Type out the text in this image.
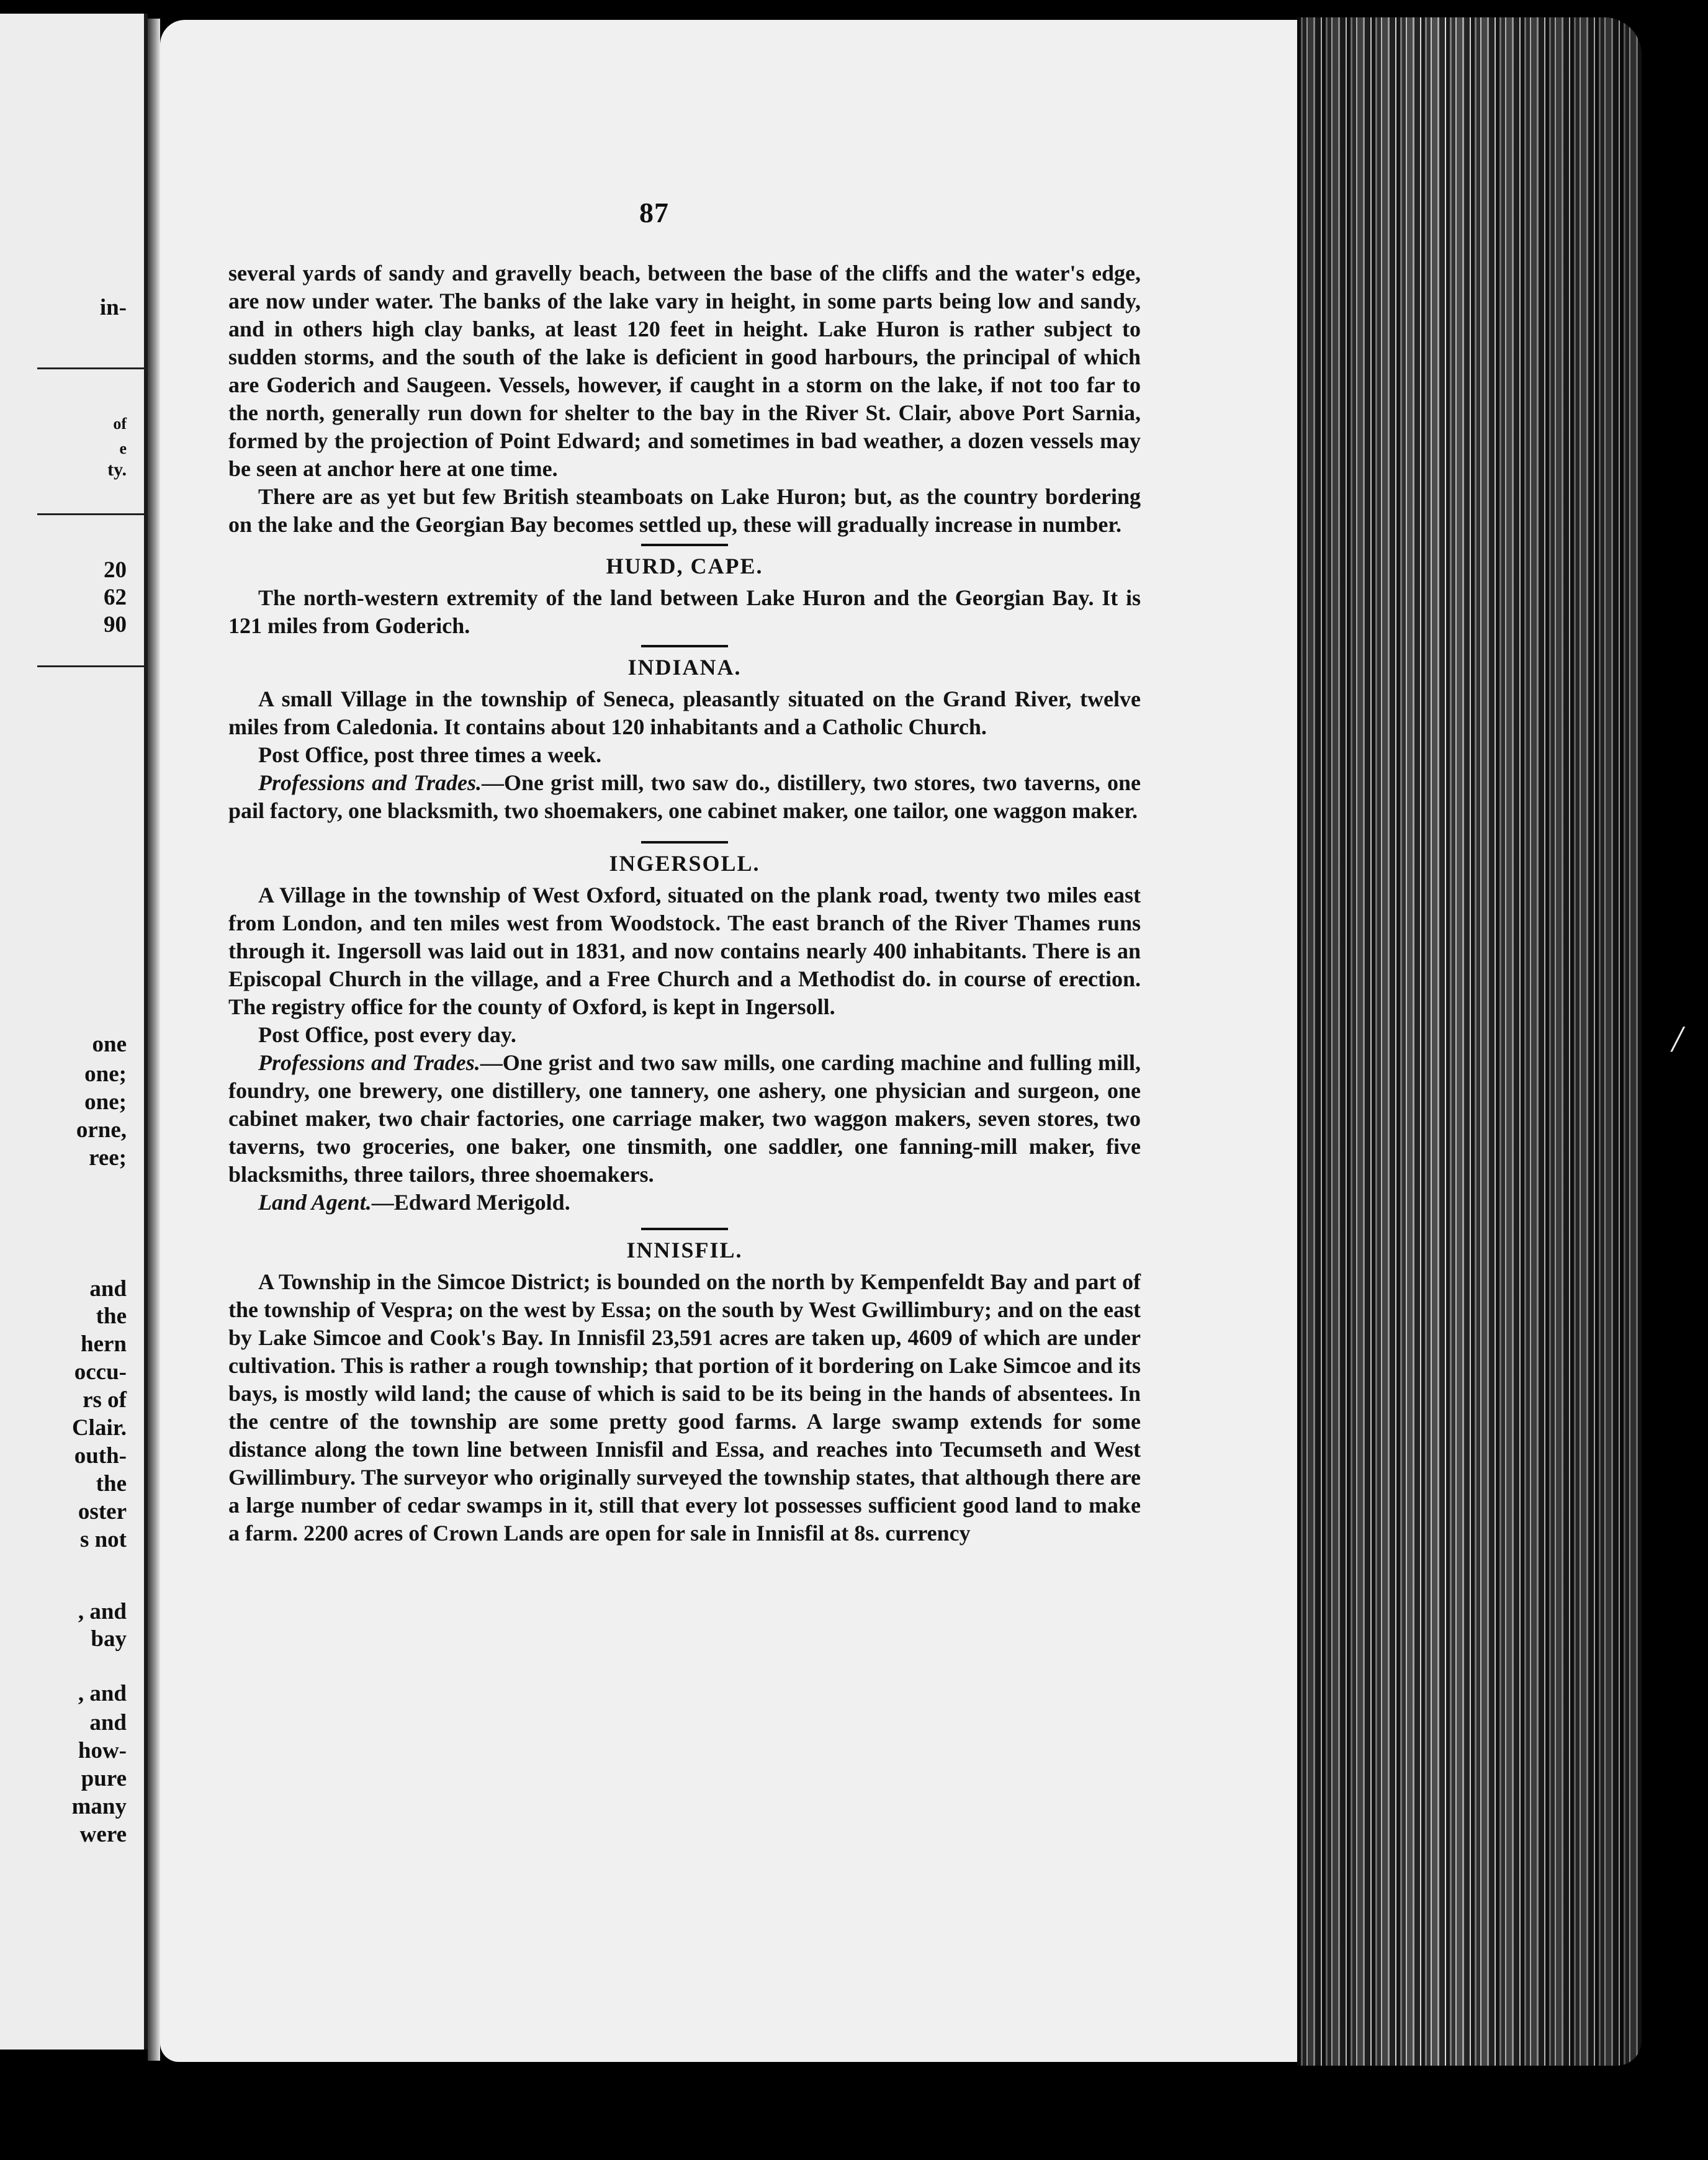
in-
of
e
ty.
20
62
90
one
one;
one;
orne,
ree;
and
the
hern
occu-
rs of
Clair.
outh-
the
oster
s not
, and
bay
, and
and
how-
pure
many
were
/
87

several yards of sandy and gravelly beach, between the base of the cliffs and the water's edge, are now under water. The banks of the lake vary in height, in some parts being low and sandy, and in others high clay banks, at least 120 feet in height. Lake Huron is rather subject to sudden storms, and the south of the lake is deficient in good harbours, the principal of which are Goderich and Saugeen. Vessels, however, if caught in a storm on the lake, if not too far to the north, generally run down for shelter to the bay in the River St. Clair, above Port Sarnia, formed by the projection of Point Edward; and sometimes in bad weather, a dozen vessels may be seen at anchor here at one time.

There are as yet but few British steamboats on Lake Huron; but, as the country bordering on the lake and the Georgian Bay becomes settled up, these will gradually increase in number.

HURD, CAPE.

The north-western extremity of the land between Lake Huron and the Georgian Bay. It is 121 miles from Goderich.

INDIANA.

A small Village in the township of Seneca, pleasantly situated on the Grand River, twelve miles from Caledonia. It contains about 120 inhabitants and a Catholic Church.

Post Office, post three times a week.

Professions and Trades.—One grist mill, two saw do., distillery, two stores, two taverns, one pail factory, one blacksmith, two shoemakers, one cabinet maker, one tailor, one waggon maker.

INGERSOLL.

A Village in the township of West Oxford, situated on the plank road, twenty two miles east from London, and ten miles west from Woodstock. The east branch of the River Thames runs through it. Ingersoll was laid out in 1831, and now contains nearly 400 inhabitants. There is an Episcopal Church in the village, and a Free Church and a Methodist do. in course of erection. The registry office for the county of Oxford, is kept in Ingersoll.

Post Office, post every day.

Professions and Trades.—One grist and two saw mills, one carding machine and fulling mill, foundry, one brewery, one distillery, one tannery, one ashery, one physician and surgeon, one cabinet maker, two chair factories, one carriage maker, two waggon makers, seven stores, two taverns, two groceries, one baker, one tinsmith, one saddler, one fanning-mill maker, five blacksmiths, three tailors, three shoemakers.

Land Agent.—Edward Merigold.

INNISFIL.

A Township in the Simcoe District; is bounded on the north by Kempenfeldt Bay and part of the township of Vespra; on the west by Essa; on the south by West Gwillimbury; and on the east by Lake Simcoe and Cook's Bay. In Innisfil 23,591 acres are taken up, 4609 of which are under cultivation. This is rather a rough township; that portion of it bordering on Lake Simcoe and its bays, is mostly wild land; the cause of which is said to be its being in the hands of absentees. In the centre of the township are some pretty good farms. A large swamp extends for some distance along the town line between Innisfil and Essa, and reaches into Tecumseth and West Gwillimbury. The surveyor who originally surveyed the township states, that although there are a large number of cedar swamps in it, still that every lot possesses sufficient good land to make a farm. 2200 acres of Crown Lands are open for sale in Innisfil at 8s. currency
